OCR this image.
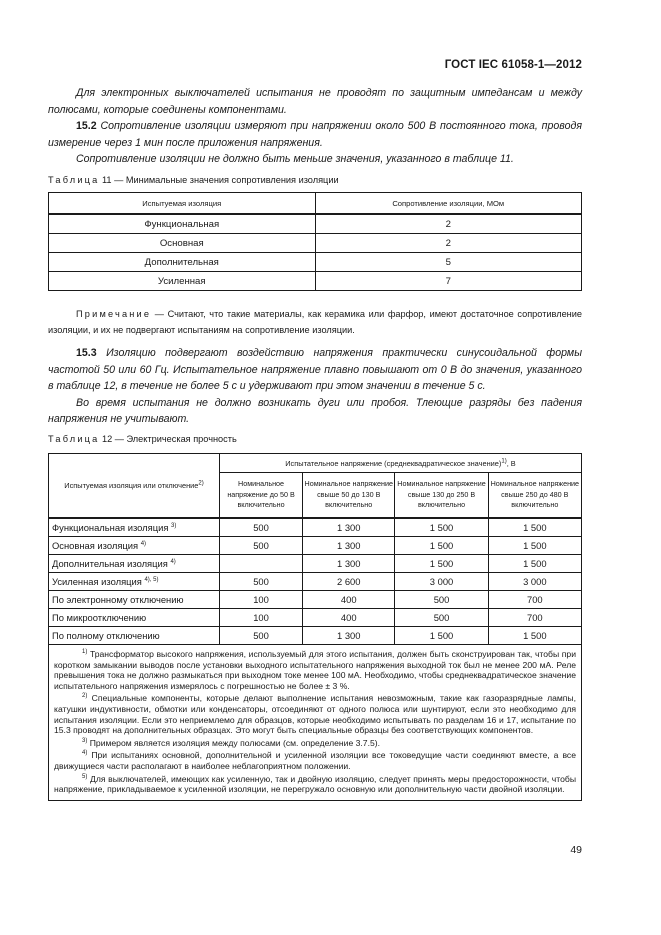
ГОСТ IEC 61058-1—2012

Для электронных выключателей испытания не проводят по защитным импедансам и между полюсами, которые соединены компонентами.

15.2 Сопротивление изоляции измеряют при напряжении около 500 В постоянного тока, проводя измерение через 1 мин после приложения напряжения.

Сопротивление изоляции не должно быть меньше значения, указанного в таблице 11.

Таблица 11 — Минимальные значения сопротивления изоляции
Испытуемая изоляция	Сопротивление изоляции, МОм
Функциональная	2
Основная	2
Дополнительная	5
Усиленная	7

Примечание — Считают, что такие материалы, как керамика или фарфор, имеют достаточное сопротивление изоляции, и их не подвергают испытаниям на сопротивление изоляции.

15.3 Изоляцию подвергают воздействию напряжения практически синусоидальной формы частотой 50 или 60 Гц. Испытательное напряжение плавно повышают от 0 В до значения, указанного в таблице 12, в течение не более 5 с и удерживают при этом значении в течение 5 с.

Во время испытания не должно возникать дуги или пробоя. Тлеющие разряды без падения напряжения не учитывают.

Таблица 12 — Электрическая прочность
Испытуемая изоляция или отключение$^{2)}$	Испытательное напряжение (среднеквадратическое значение)$^{1)}$, В			
	Номинальное напряжение до 50 В включительно	Номинальное напряжение свыше 50 до 130 В включительно	Номинальное напряжение свыше 130 до 250 В включительно	Номинальное напряжение свыше 250 до 480 В включительно
Функциональная изоляция $^{3)}$	500	1 300	1 500	1 500
Основная изоляция $^{4)}$	500	1 300	1 500	1 500
Дополнительная изоляция $^{4)}$		1 300	1 500	1 500
Усиленная изоляция $^{4), 5)}$	500	2 600	3 000	3 000
По электронному отключению	100	400	500	700
По микроотключению	100	400	500	700
По полному отключению	500	1 300	1 500	1 500

$^{1)}$ Трансформатор высокого напряжения, используемый для этого испытания, должен быть сконструирован так, чтобы при коротком замыкании выводов после установки выходного испытательного напряжения выходной ток был не менее 200 мА. Реле превышения тока не должно размыкаться при выходном токе менее 100 мА. Необходимо, чтобы среднеквадратическое значение испытательного напряжения измерялось с погрешностью не более ± 3 %.

$^{2)}$ Специальные компоненты, которые делают выполнение испытания невозможным, такие как газоразрядные лампы, катушки индуктивности, обмотки или конденсаторы, отсоединяют от одного полюса или шунтируют, если это необходимо для испытания изоляции. Если это неприемлемо для образцов, которые необходимо испытывать по разделам 16 и 17, испытание по 15.3 проводят на дополнительных образцах. Это могут быть специальные образцы без соответствующих компонентов.

$^{3)}$ Примером является изоляция между полюсами (см. определение 3.7.5).

$^{4)}$ При испытаниях основной, дополнительной и усиленной изоляции все токоведущие части соединяют вместе, а все движущиеся части располагают в наиболее неблагоприятном положении.

$^{5)}$ Для выключателей, имеющих как усиленную, так и двойную изоляцию, следует принять меры предосторожности, чтобы напряжение, прикладываемое к усиленной изоляции, не перегружало основную или дополнительную части двойной изоляции.				

49
